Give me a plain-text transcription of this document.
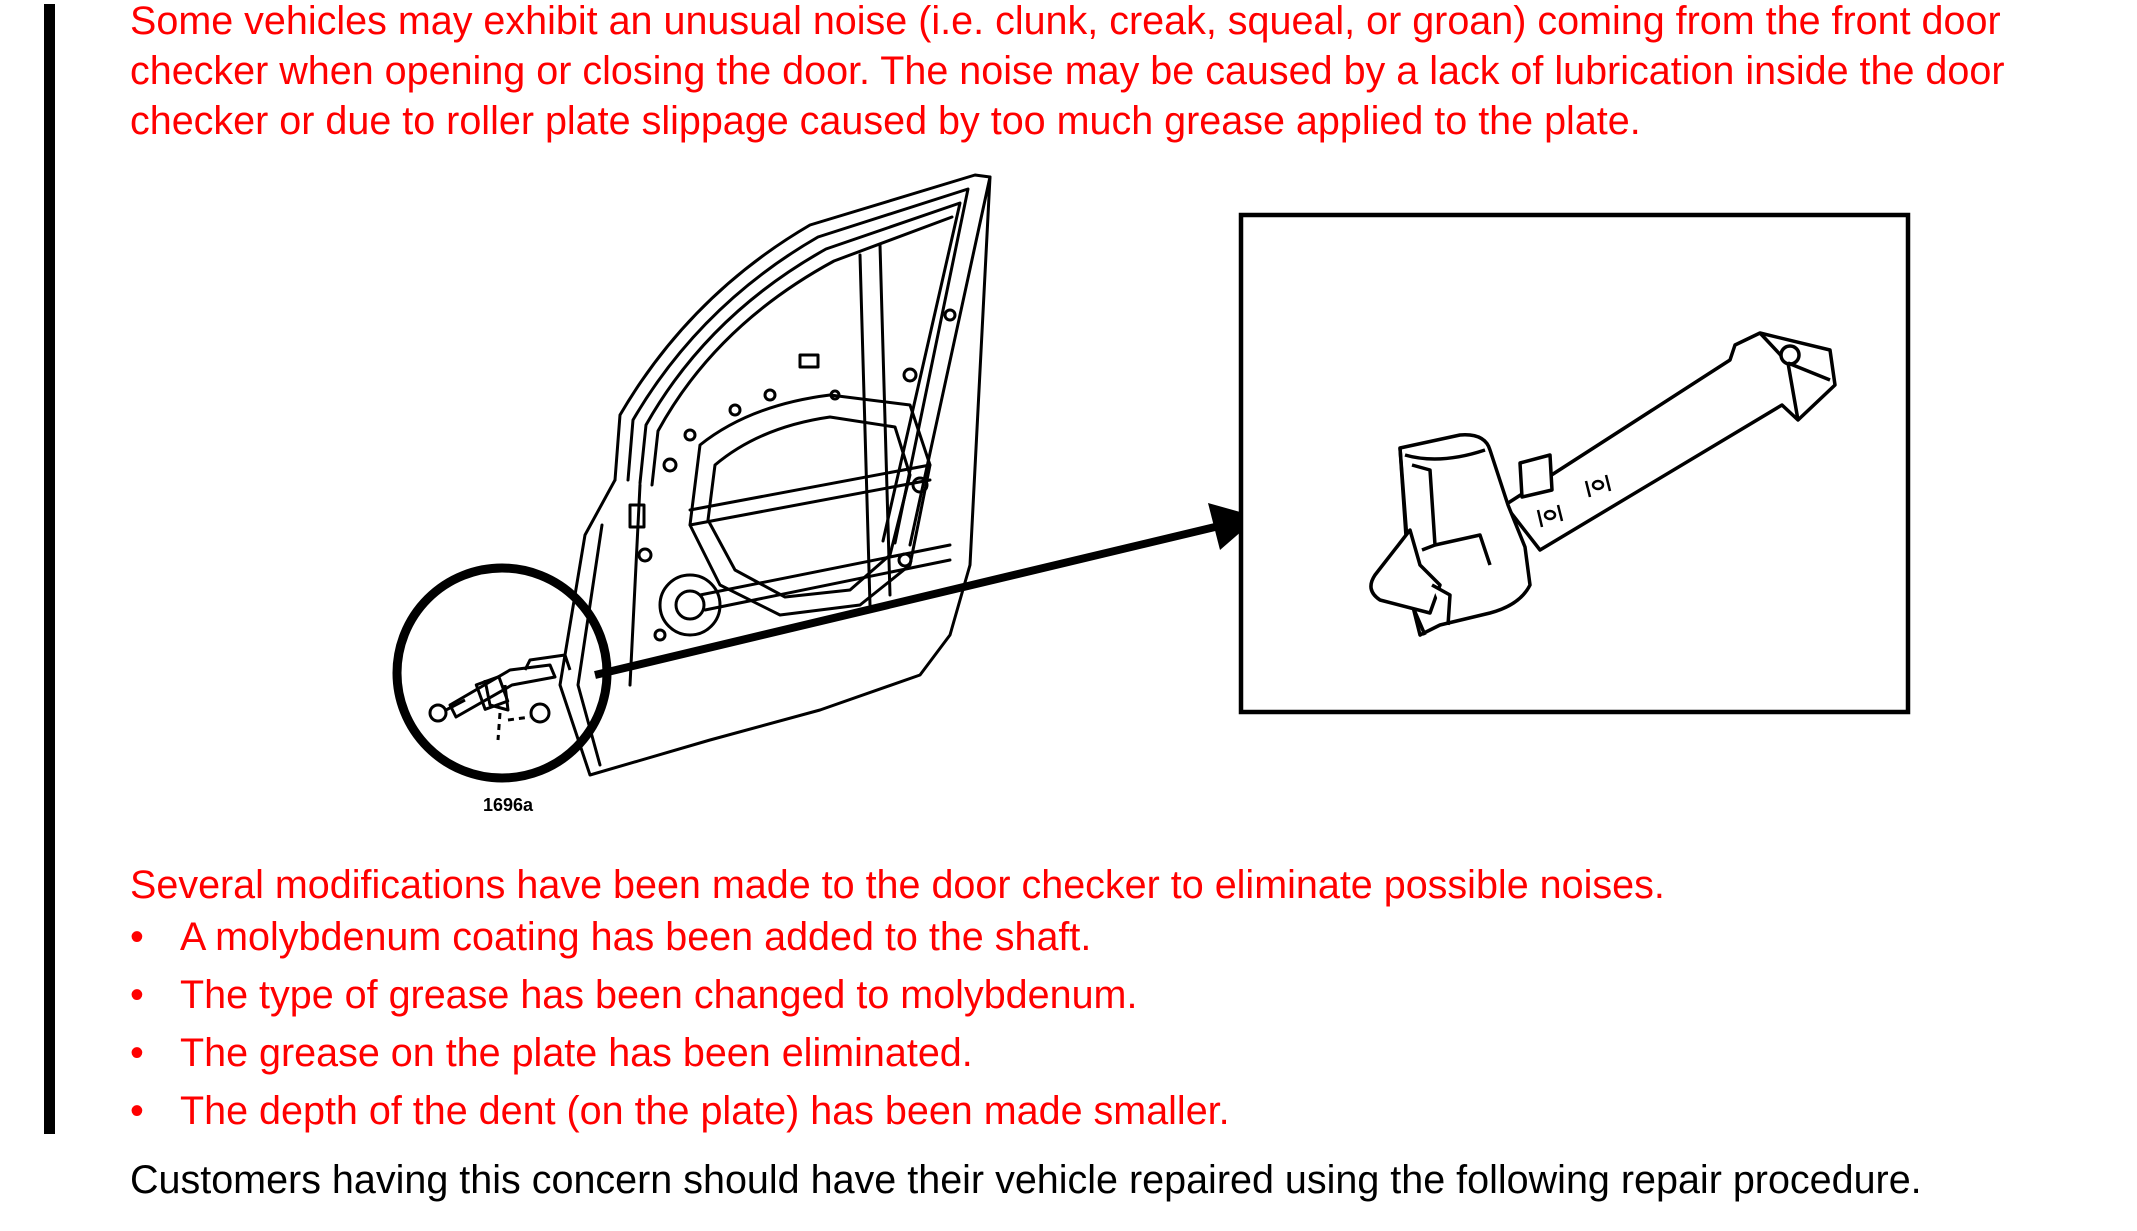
Some vehicles may exhibit an unusual noise (i.e. clunk, creak, squeal, or groan) coming from the front door
checker when opening or closing the door. The noise may be caused by a lack of lubrication inside the door
checker or due to roller plate slippage caused by too much grease applied to the plate.

1696a

Several modifications have been made to the door checker to eliminate possible noises.

• A molybdenum coating has been added to the shaft.
• The type of grease has been changed to molybdenum.
• The grease on the plate has been eliminated.
• The depth of the dent (on the plate) has been made smaller.

Customers having this concern should have their vehicle repaired using the following repair procedure.
